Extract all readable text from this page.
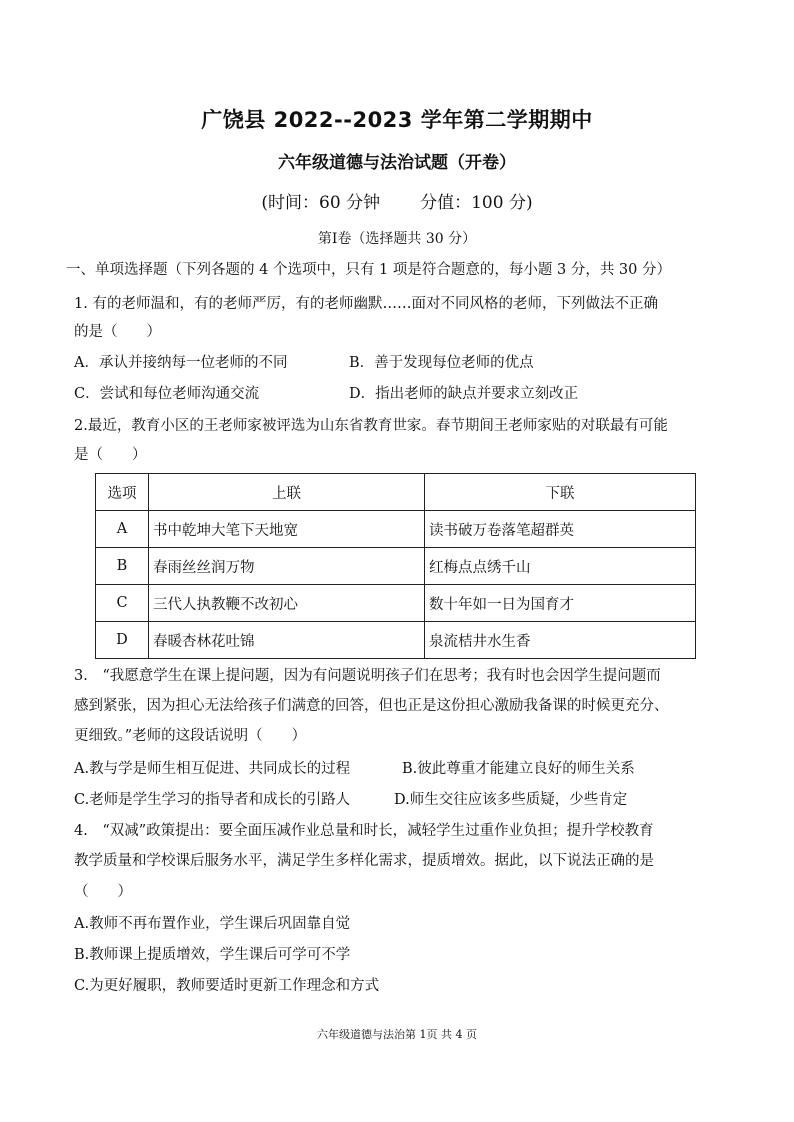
广饶县 2022--2023 学年第二学期期中
六年级道德与法治试题（开卷）
(时间：60 分钟 分值：100 分)
第Ⅰ卷（选择题共 30 分）
一、单项选择题（下列各题的 4 个选项中，只有 1 项是符合题意的，每小题 3 分，共 30 分）
1. 有的老师温和，有的老师严厉，有的老师幽默……面对不同风格的老师，下列做法不正确
的是（　　）
A．承认并接纳每一位老师的不同	B．善于发现每位老师的优点
C．尝试和每位老师沟通交流	D．指出老师的缺点并要求立刻改正
2.最近，教育小区的王老师家被评选为山东省教育世家。春节期间王老师家贴的对联最有可能
是（　　）
选项	上联	下联
A	书中乾坤大笔下天地宽	读书破万卷落笔超群英
B	春雨丝丝润万物	红梅点点绣千山
C	三代人执教鞭不改初心	数十年如一日为国育才
D	春暖杏林花吐锦	泉流桔井水生香
3.　“我愿意学生在课上提问题，因为有问题说明孩子们在思考；我有时也会因学生提问题而
感到紧张，因为担心无法给孩子们满意的回答，但也正是这份担心激励我备课的时候更充分、
更细致。”老师的这段话说明（　　）
A.教与学是师生相互促进、共同成长的过程	B.彼此尊重才能建立良好的师生关系
C.老师是学生学习的指导者和成长的引路人	D.师生交往应该多些质疑，少些肯定
4.　“双减”政策提出：要全面压减作业总量和时长，减轻学生过重作业负担；提升学校教育
教学质量和学校课后服务水平，满足学生多样化需求，提质增效。据此，以下说法正确的是
（　　）
A.教师不再布置作业，学生课后巩固靠自觉
B.教师课上提质增效，学生课后可学可不学
C.为更好履职，教师要适时更新工作理念和方式
六年级道德与法治第 1页 共 4 页
